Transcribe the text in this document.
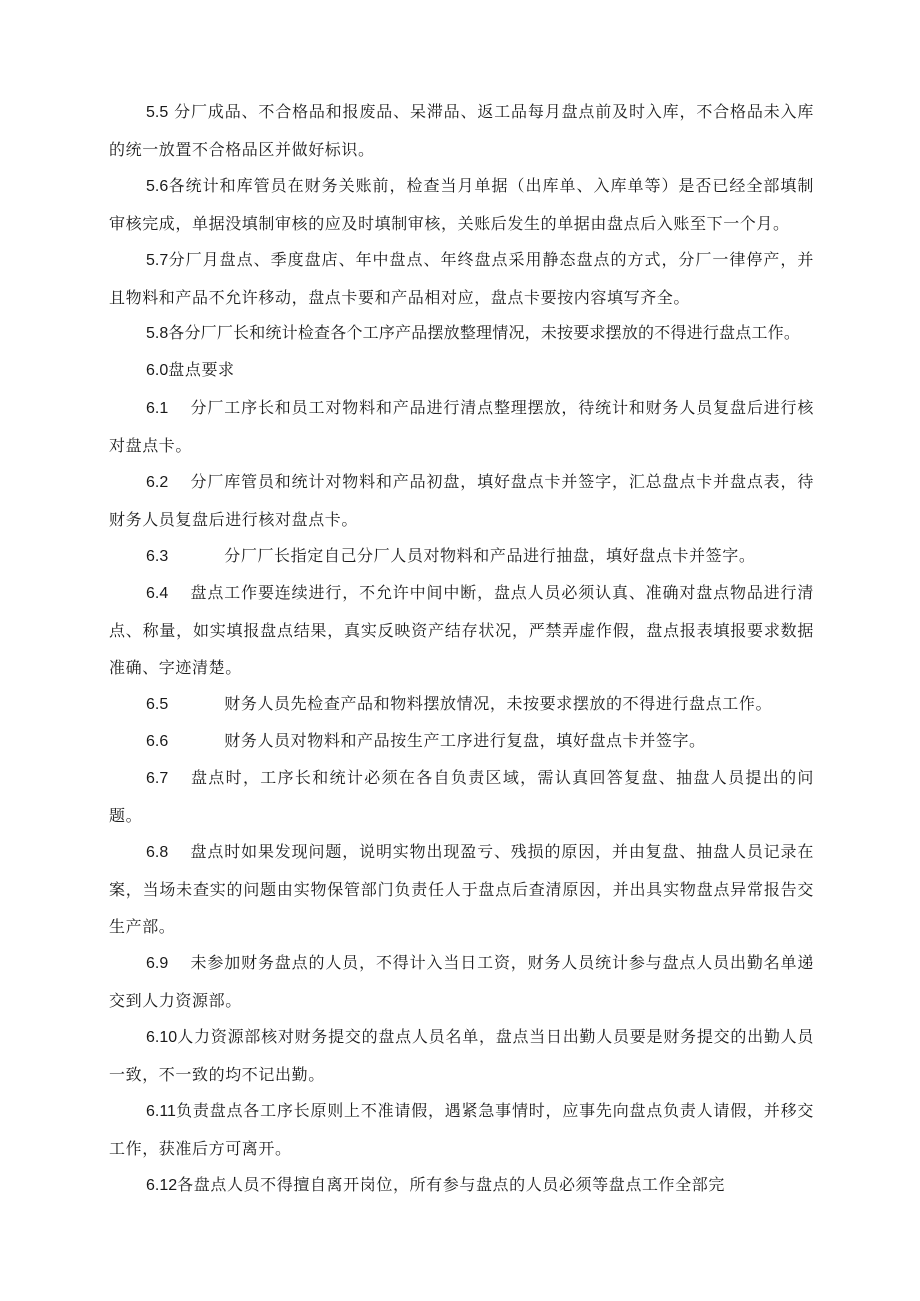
5.5 分厂成品、不合格品和报废品、呆滞品、返工品每月盘点前及时入库，不合格品未入库的统一放置不合格品区并做好标识。

5.6各统计和库管员在财务关账前，检查当月单据（出库单、入库单等）是否已经全部填制审核完成，单据没填制审核的应及时填制审核，关账后发生的单据由盘点后入账至下一个月。

5.7分厂月盘点、季度盘店、年中盘点、年终盘点采用静态盘点的方式，分厂一律停产，并且物料和产品不允许移动，盘点卡要和产品相对应，盘点卡要按内容填写齐全。

5.8各分厂厂长和统计检查各个工序产品摆放整理情况，未按要求摆放的不得进行盘点工作。

6.0盘点要求

6.1 分厂工序长和员工对物料和产品进行清点整理摆放，待统计和财务人员复盘后进行核对盘点卡。

6.2 分厂库管员和统计对物料和产品初盘，填好盘点卡并签字，汇总盘点卡并盘点表，待财务人员复盘后进行核对盘点卡。

6.3	分厂厂长指定自己分厂人员对物料和产品进行抽盘，填好盘点卡并签字。

6.4 盘点工作要连续进行，不允许中间中断，盘点人员必须认真、准确对盘点物品进行清点、称量，如实填报盘点结果，真实反映资产结存状况，严禁弄虚作假，盘点报表填报要求数据准确、字迹清楚。

6.5	财务人员先检查产品和物料摆放情况，未按要求摆放的不得进行盘点工作。

6.6	财务人员对物料和产品按生产工序进行复盘，填好盘点卡并签字。

6.7 盘点时，工序长和统计必须在各自负责区域，需认真回答复盘、抽盘人员提出的问题。

6.8 盘点时如果发现问题，说明实物出现盈亏、残损的原因，并由复盘、抽盘人员记录在案，当场未查实的问题由实物保管部门负责任人于盘点后查清原因，并出具实物盘点异常报告交生产部。

6.9 未参加财务盘点的人员，不得计入当日工资，财务人员统计参与盘点人员出勤名单递交到人力资源部。

6.10人力资源部核对财务提交的盘点人员名单，盘点当日出勤人员要是财务提交的出勤人员一致，不一致的均不记出勤。

6.11负责盘点各工序长原则上不准请假，遇紧急事情时，应事先向盘点负责人请假，并移交工作，获准后方可离开。

6.12各盘点人员不得擅自离开岗位，所有参与盘点的人员必须等盘点工作全部完
